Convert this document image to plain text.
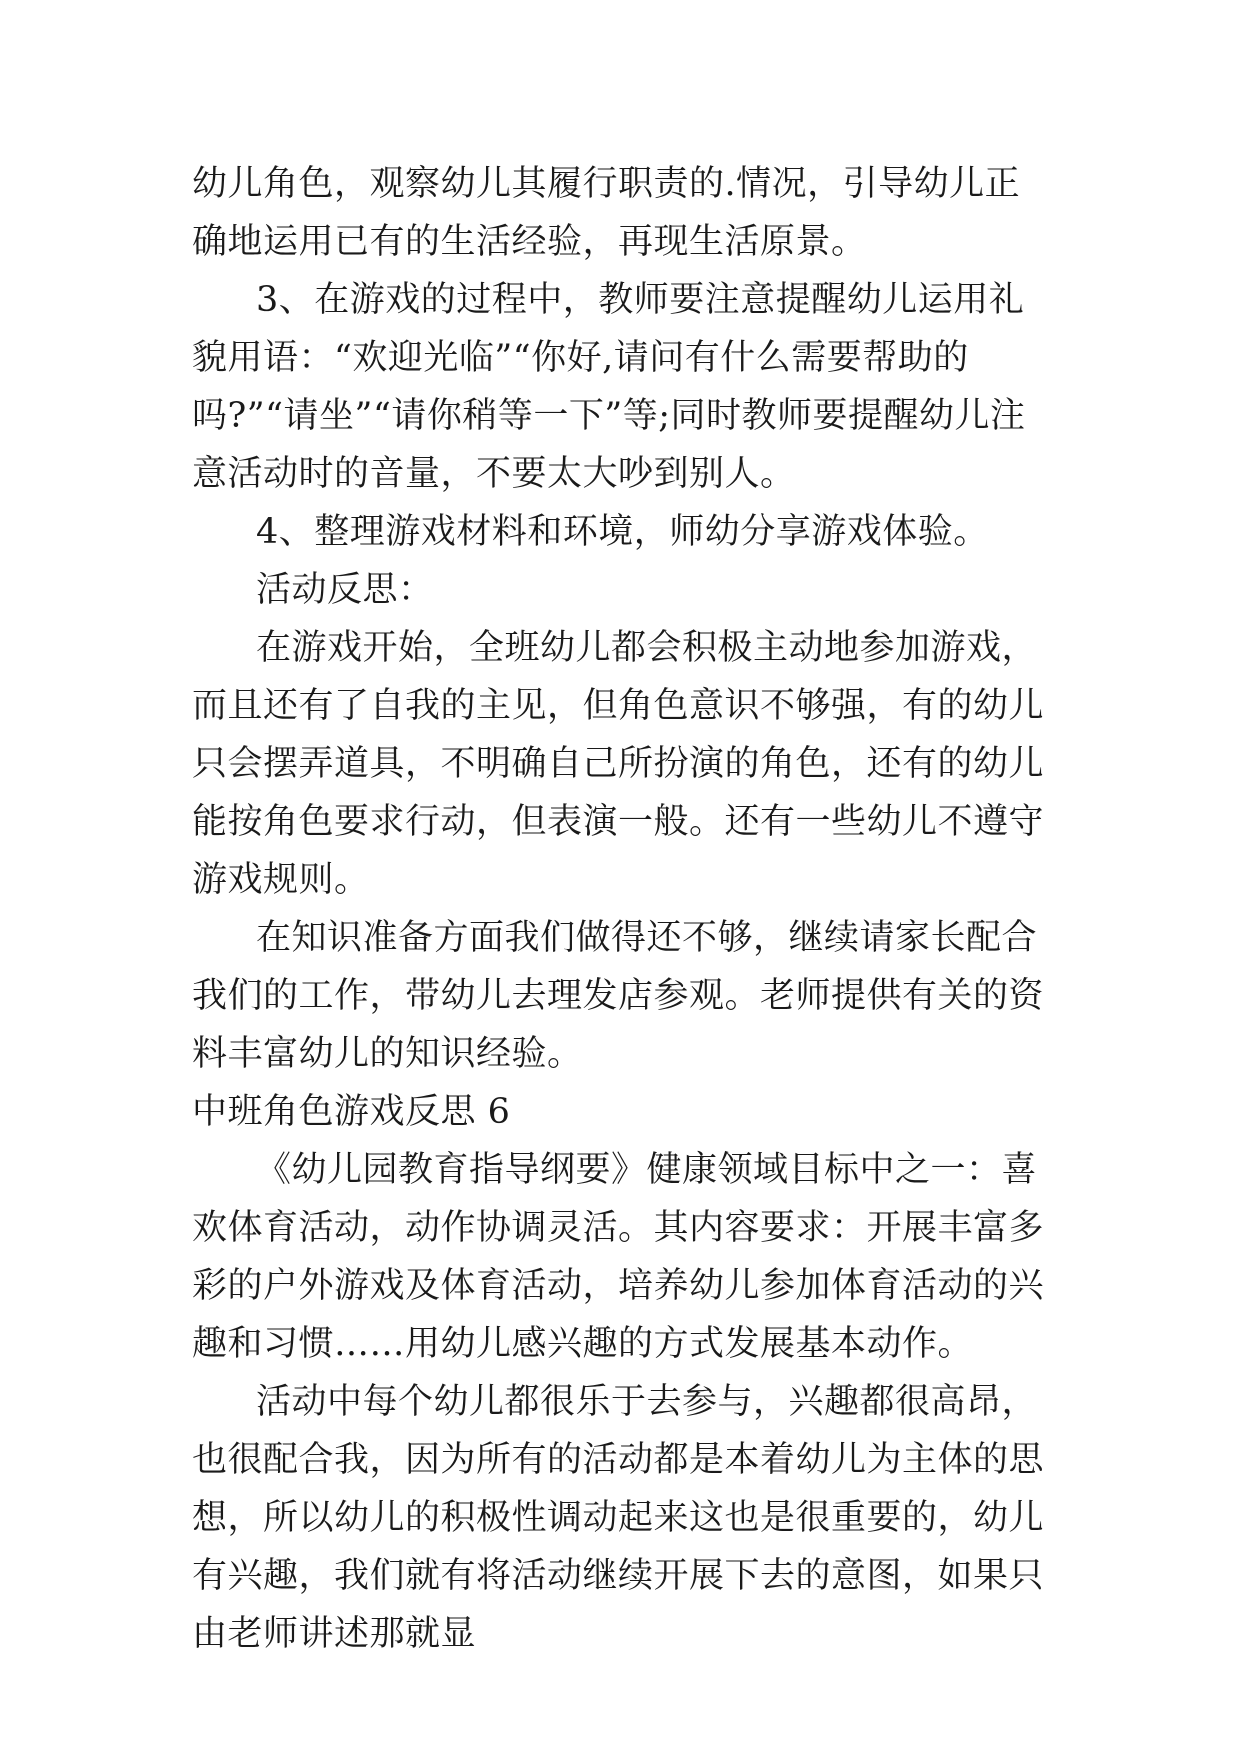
幼儿角色，观察幼儿其履行职责的.情况，引导幼儿正确地运用已有的生活经验，再现生活原景。

3、在游戏的过程中，教师要注意提醒幼儿运用礼貌用语：“欢迎光临”“你好,请问有什么需要帮助的吗?”“请坐”“请你稍等一下”等;同时教师要提醒幼儿注意活动时的音量，不要太大吵到别人。

4、整理游戏材料和环境，师幼分享游戏体验。

活动反思：

在游戏开始，全班幼儿都会积极主动地参加游戏，而且还有了自我的主见，但角色意识不够强，有的幼儿只会摆弄道具，不明确自己所扮演的角色，还有的幼儿能按角色要求行动，但表演一般。还有一些幼儿不遵守游戏规则。

在知识准备方面我们做得还不够，继续请家长配合我们的工作，带幼儿去理发店参观。老师提供有关的资料丰富幼儿的知识经验。

中班角色游戏反思 6

《幼儿园教育指导纲要》健康领域目标中之一：喜欢体育活动，动作协调灵活。其内容要求：开展丰富多彩的户外游戏及体育活动，培养幼儿参加体育活动的兴趣和习惯……用幼儿感兴趣的方式发展基本动作。

活动中每个幼儿都很乐于去参与，兴趣都很高昂，也很配合我，因为所有的活动都是本着幼儿为主体的思想，所以幼儿的积极性调动起来这也是很重要的，幼儿有兴趣，我们就有将活动继续开展下去的意图，如果只由老师讲述那就显
